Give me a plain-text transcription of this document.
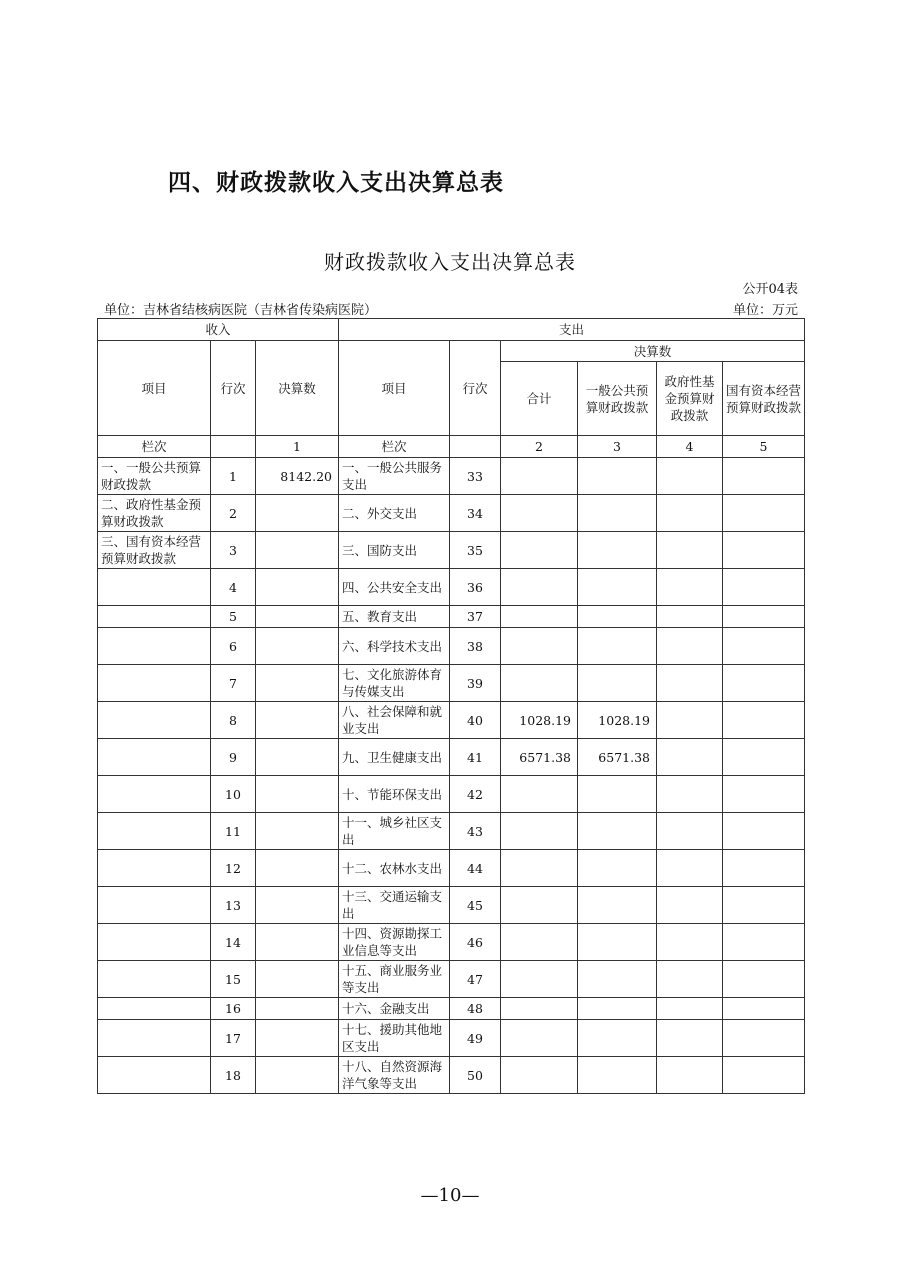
四、财政拨款收入支出决算总表
财政拨款收入支出决算总表
公开04表
单位：吉林省结核病医院（吉林省传染病医院）	单位：万元
收入			支出					
项目	行次	决算数	项目	行次	决算数			
					合计	一般公共预算财政拨款	政府性基金预算财政拨款	国有资本经营预算财政拨款
栏次		1	栏次		2	3	4	5
一、一般公共预算财政拨款	1	8142.20	一、一般公共服务支出	33				
二、政府性基金预算财政拨款	2		二、外交支出	34				
三、国有资本经营预算财政拨款	3		三、国防支出	35				
	4		四、公共安全支出	36				
	5		五、教育支出	37				
	6		六、科学技术支出	38				
	7		七、文化旅游体育与传媒支出	39				
	8		八、社会保障和就业支出	40	1028.19	1028.19		
	9		九、卫生健康支出	41	6571.38	6571.38		
	10		十、节能环保支出	42				
	11		十一、城乡社区支出	43				
	12		十二、农林水支出	44				
	13		十三、交通运输支出	45				
	14		十四、资源勘探工业信息等支出	46				
	15		十五、商业服务业等支出	47				
	16		十六、金融支出	48				
	17		十七、援助其他地区支出	49				
	18		十八、自然资源海洋气象等支出	50				
—10—
